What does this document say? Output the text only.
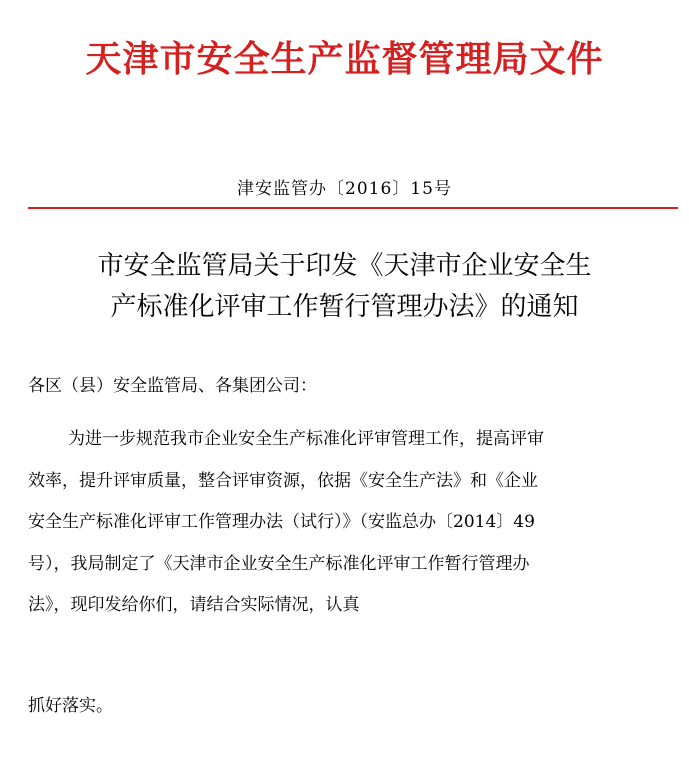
天津市安全生产监督管理局文件
津安监管办〔2016〕15号
市安全监管局关于印发《天津市企业安全生
产标准化评审工作暂行管理办法》的通知
各区（县）安全监管局、各集团公司：
为进一步规范我市企业安全生产标准化评审管理工作，提高评审
效率，提升评审质量，整合评审资源，依据《安全生产法》和《企业
安全生产标准化评审工作管理办法（试行）》（安监总办〔2014〕49
号），我局制定了《天津市企业安全生产标准化评审工作暂行管理办
法》，现印发给你们，请结合实际情况，认真
抓好落实。
